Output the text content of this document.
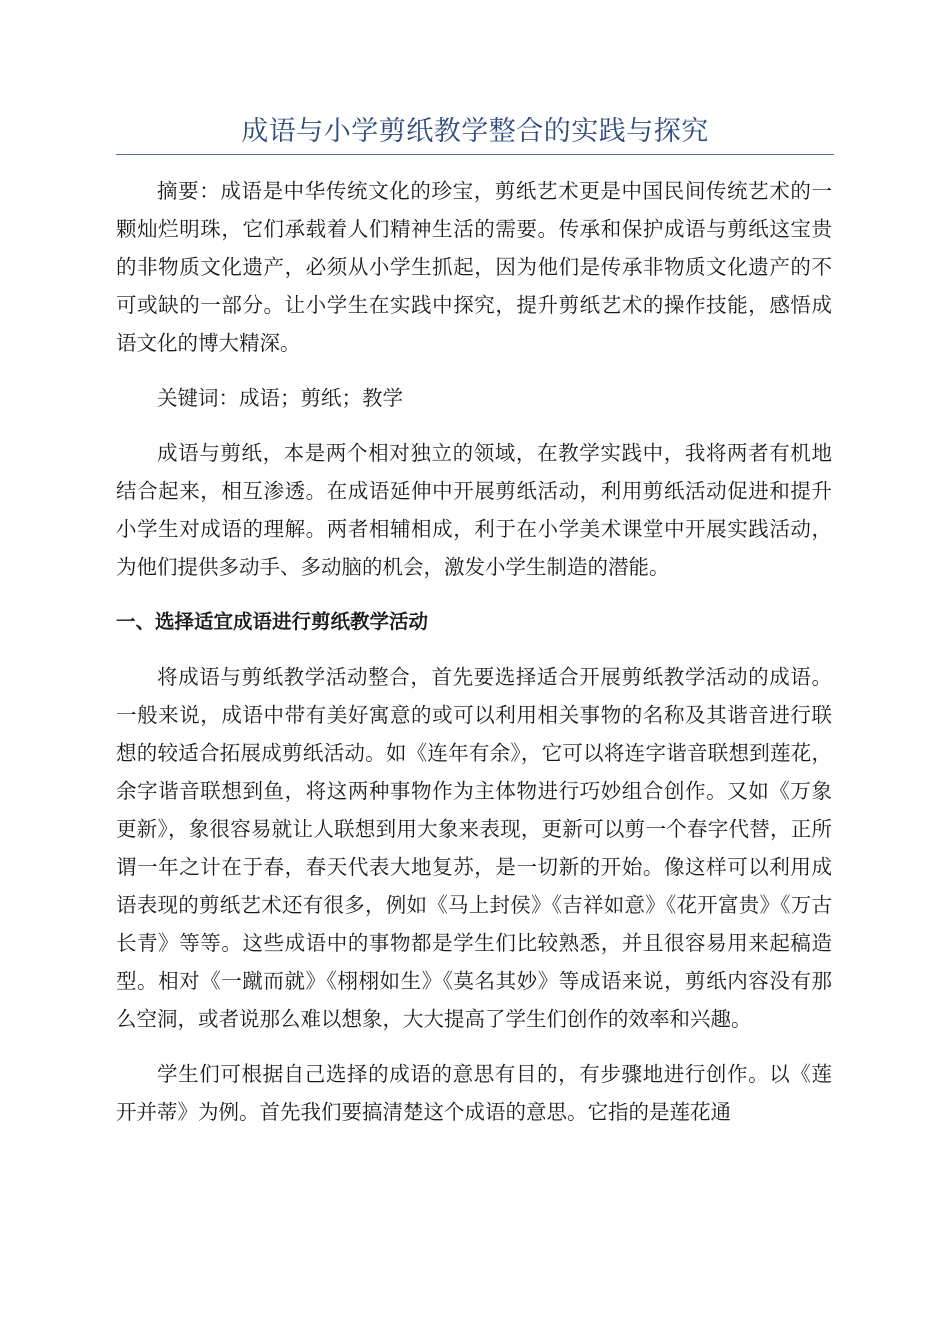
成语与小学剪纸教学整合的实践与探究

摘要：成语是中华传统文化的珍宝，剪纸艺术更是中国民间传统艺术的一颗灿烂明珠，它们承载着人们精神生活的需要。传承和保护成语与剪纸这宝贵的非物质文化遗产，必须从小学生抓起，因为他们是传承非物质文化遗产的不可或缺的一部分。让小学生在实践中探究，提升剪纸艺术的操作技能，感悟成语文化的博大精深。

关键词：成语；剪纸；教学

成语与剪纸，本是两个相对独立的领域，在教学实践中，我将两者有机地结合起来，相互渗透。在成语延伸中开展剪纸活动，利用剪纸活动促进和提升小学生对成语的理解。两者相辅相成，利于在小学美术课堂中开展实践活动，为他们提供多动手、多动脑的机会，激发小学生制造的潜能。

一、选择适宜成语进行剪纸教学活动

将成语与剪纸教学活动整合，首先要选择适合开展剪纸教学活动的成语。一般来说，成语中带有美好寓意的或可以利用相关事物的名称及其谐音进行联想的较适合拓展成剪纸活动。如《连年有余》，它可以将连字谐音联想到莲花，余字谐音联想到鱼，将这两种事物作为主体物进行巧妙组合创作。又如《万象更新》，象很容易就让人联想到用大象来表现，更新可以剪一个春字代替，正所谓一年之计在于春，春天代表大地复苏，是一切新的开始。像这样可以利用成语表现的剪纸艺术还有很多，例如《马上封侯》《吉祥如意》《花开富贵》《万古长青》等等。这些成语中的事物都是学生们比较熟悉，并且很容易用来起稿造型。相对《一蹴而就》《栩栩如生》《莫名其妙》等成语来说，剪纸内容没有那么空洞，或者说那么难以想象，大大提高了学生们创作的效率和兴趣。

学生们可根据自己选择的成语的意思有目的，有步骤地进行创作。以《莲开并蒂》为例。首先我们要搞清楚这个成语的意思。它指的是莲花通
